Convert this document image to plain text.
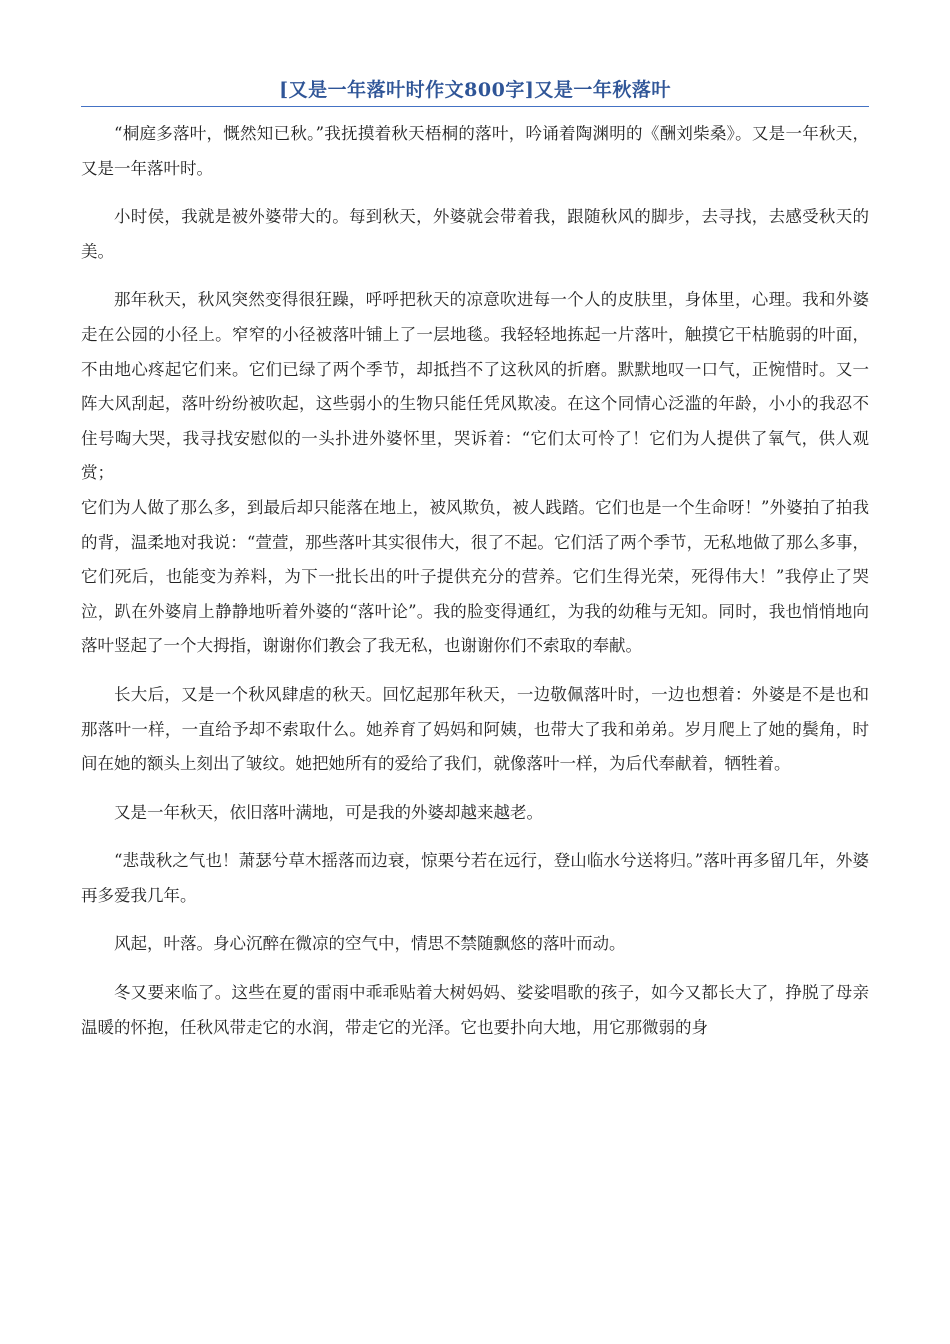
[又是一年落叶时作文800字]又是一年秋落叶

“桐庭多落叶，慨然知已秋。”我抚摸着秋天梧桐的落叶，吟诵着陶渊明的《酬刘柴桑》。又是一年秋天，又是一年落叶时。

小时侯，我就是被外婆带大的。每到秋天，外婆就会带着我，跟随秋风的脚步，去寻找，去感受秋天的美。

那年秋天，秋风突然变得很狂躁，呼呼把秋天的凉意吹进每一个人的皮肤里，身体里，心理。我和外婆走在公园的小径上。窄窄的小径被落叶铺上了一层地毯。我轻轻地拣起一片落叶，触摸它干枯脆弱的叶面，不由地心疼起它们来。它们已绿了两个季节，却抵挡不了这秋风的折磨。默默地叹一口气，正惋惜时。又一阵大风刮起，落叶纷纷被吹起，这些弱小的生物只能任凭风欺凌。在这个同情心泛滥的年龄，小小的我忍不住号啕大哭，我寻找安慰似的一头扑进外婆怀里，哭诉着：“它们太可怜了！它们为人提供了氧气，供人观赏；

它们为人做了那么多，到最后却只能落在地上，被风欺负，被人践踏。它们也是一个生命呀！”外婆拍了拍我的背，温柔地对我说：“萱萱，那些落叶其实很伟大，很了不起。它们活了两个季节，无私地做了那么多事，它们死后，也能变为养料，为下一批长出的叶子提供充分的营养。它们生得光荣，死得伟大！”我停止了哭泣，趴在外婆肩上静静地听着外婆的“落叶论”。我的脸变得通红，为我的幼稚与无知。同时，我也悄悄地向落叶竖起了一个大拇指，谢谢你们教会了我无私，也谢谢你们不索取的奉献。

长大后，又是一个秋风肆虐的秋天。回忆起那年秋天，一边敬佩落叶时，一边也想着：外婆是不是也和那落叶一样，一直给予却不索取什么。她养育了妈妈和阿姨，也带大了我和弟弟。岁月爬上了她的鬓角，时间在她的额头上刻出了皱纹。她把她所有的爱给了我们，就像落叶一样，为后代奉献着，牺牲着。

又是一年秋天，依旧落叶满地，可是我的外婆却越来越老。

“悲哉秋之气也！萧瑟兮草木摇落而边衰，惊栗兮若在远行，登山临水兮送将归。”落叶再多留几年，外婆再多爱我几年。

风起，叶落。身心沉醉在微凉的空气中，情思不禁随飘悠的落叶而动。

冬又要来临了。这些在夏的雷雨中乖乖贴着大树妈妈、娑娑唱歌的孩子，如今又都长大了，挣脱了母亲温暖的怀抱，任秋风带走它的水润，带走它的光泽。它也要扑向大地，用它那微弱的身
